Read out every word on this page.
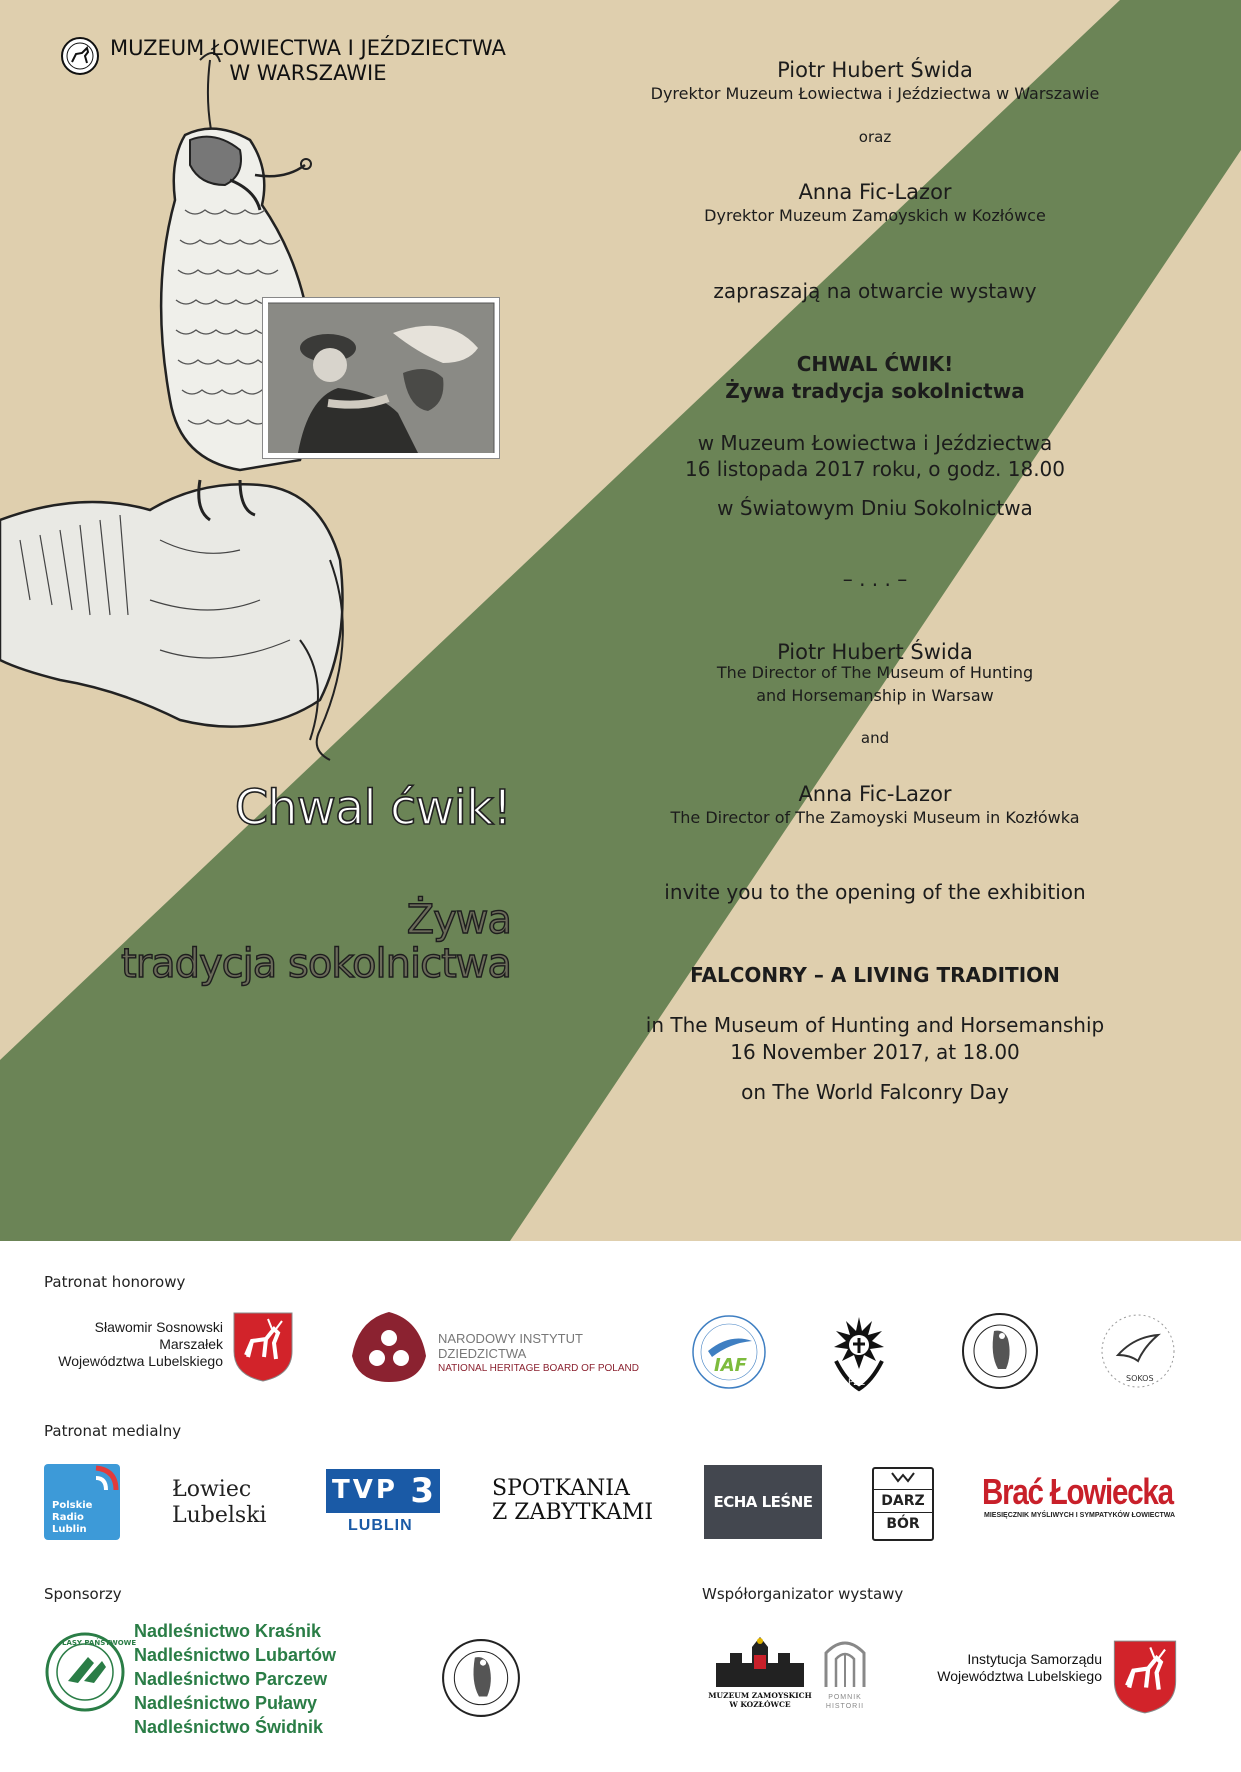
MUZEUM ŁOWIECTWA I JEŹDZIECTWA
W WARSZAWIE	Piotr Hubert Świda

Dyrektor Muzeum Łowiectwa i Jeździectwa w Warszawie

oraz

Anna Fic-Lazor

Dyrektor Muzeum Zamoyskich w Kozłówce

zapraszają na otwarcie wystawy

CHWAL ĆWIK!

Żywa tradycja sokolnictwa

w Muzeum Łowiectwa i Jeździectwa

16 listopada 2017 roku, o godz. 18.00

w Światowym Dniu Sokolnictwa

– . . . –

Piotr Hubert Świda

The Director of The Museum of Hunting

and Horsemanship in Warsaw

and

Anna Fic-Lazor

The Director of The Zamoyski Museum in Kozłówka

invite you to the opening of the exhibition

FALCONRY – A LIVING TRADITION

in The Museum of Hunting and Horsemanship

16 November 2017, at 18.00

on The World Falconry Day

Chwal ćwik!
Żywa
tradycja sokolnictwa
Patronat honorowy
Sławomir Sosnowski
Marszałek
Województwa Lubelskiego
NARODOWY INSTYTUT
DZIEDZICTWA
NATIONAL HERITAGE BOARD OF POLAND	IAF
PZŁ	SOKOS
Patronat medialny
Polskie
Radio
Lublin
Łowiec
Lubelski
TVP 3
LUBLIN
SPOTKANIA
Z ZABYTKAMI	ECHA LEŚNE	DARZ
BÓR
Brać Łowiecka
MIESIĘCZNIK MYŚLIWYCH I SYMPATYKÓW ŁOWIECTWA
Sponsorzy	Współorganizator wystawy
LASY PAŃSTWOWE
Nadleśnictwo Kraśnik
Nadleśnictwo Lubartów
Nadleśnictwo Parczew
Nadleśnictwo Puławy
Nadleśnictwo Świdnik
MUZEUM ZAMOYSKICH
W KOZŁÓWCE
POMNIK
HISTORII
Instytucja Samorządu
Województwa Lubelskiego
